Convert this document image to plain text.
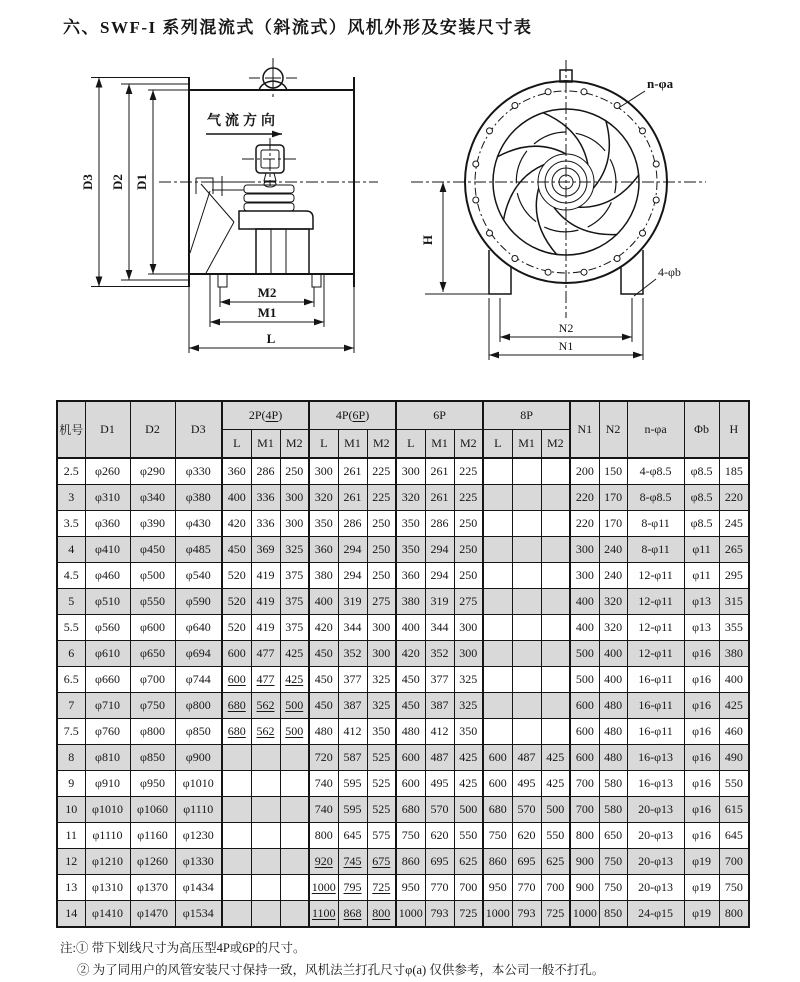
六、SWF-I 系列混流式（斜流式）风机外形及安装尺寸表
D3 D2 D1
气流方向
M2
M1
L
H
n-φa
4-φb
N2
N1
机号	D1	D2	D3	2P(4P)			4P(6P)			6P			8P			N1	N2	n-φa	Φb	H
				L	M1	M2	L	M1	M2	L	M1	M2	L	M1	M2					
2.5	φ260	φ290	φ330	360	286	250	300	261	225	300	261	225				200	150	4-φ8.5	φ8.5	185
3	φ310	φ340	φ380	400	336	300	320	261	225	320	261	225				220	170	8-φ8.5	φ8.5	220
3.5	φ360	φ390	φ430	420	336	300	350	286	250	350	286	250				220	170	8-φ11	φ8.5	245
4	φ410	φ450	φ485	450	369	325	360	294	250	350	294	250				300	240	8-φ11	φ11	265
4.5	φ460	φ500	φ540	520	419	375	380	294	250	360	294	250				300	240	12-φ11	φ11	295
5	φ510	φ550	φ590	520	419	375	400	319	275	380	319	275				400	320	12-φ11	φ13	315
5.5	φ560	φ600	φ640	520	419	375	420	344	300	400	344	300				400	320	12-φ11	φ13	355
6	φ610	φ650	φ694	600	477	425	450	352	300	420	352	300				500	400	12-φ11	φ16	380
6.5	φ660	φ700	φ744	600	477	425	450	377	325	450	377	325				500	400	16-φ11	φ16	400
7	φ710	φ750	φ800	680	562	500	450	387	325	450	387	325				600	480	16-φ11	φ16	425
7.5	φ760	φ800	φ850	680	562	500	480	412	350	480	412	350				600	480	16-φ11	φ16	460
8	φ810	φ850	φ900				720	587	525	600	487	425	600	487	425	600	480	16-φ13	φ16	490
9	φ910	φ950	φ1010				740	595	525	600	495	425	600	495	425	700	580	16-φ13	φ16	550
10	φ1010	φ1060	φ1110				740	595	525	680	570	500	680	570	500	700	580	20-φ13	φ16	615
11	φ1110	φ1160	φ1230				800	645	575	750	620	550	750	620	550	800	650	20-φ13	φ16	645
12	φ1210	φ1260	φ1330				920	745	675	860	695	625	860	695	625	900	750	20-φ13	φ19	700
13	φ1310	φ1370	φ1434				1000	795	725	950	770	700	950	770	700	900	750	20-φ13	φ19	750
14	φ1410	φ1470	φ1534				1100	868	800	1000	793	725	1000	793	725	1000	850	24-φ15	φ19	800
注:① 带下划线尺寸为高压型4P或6P的尺寸。
② 为了同用户的风管安装尺寸保持一致，风机法兰打孔尺寸φ(a) 仅供参考，本公司一般不打孔。
